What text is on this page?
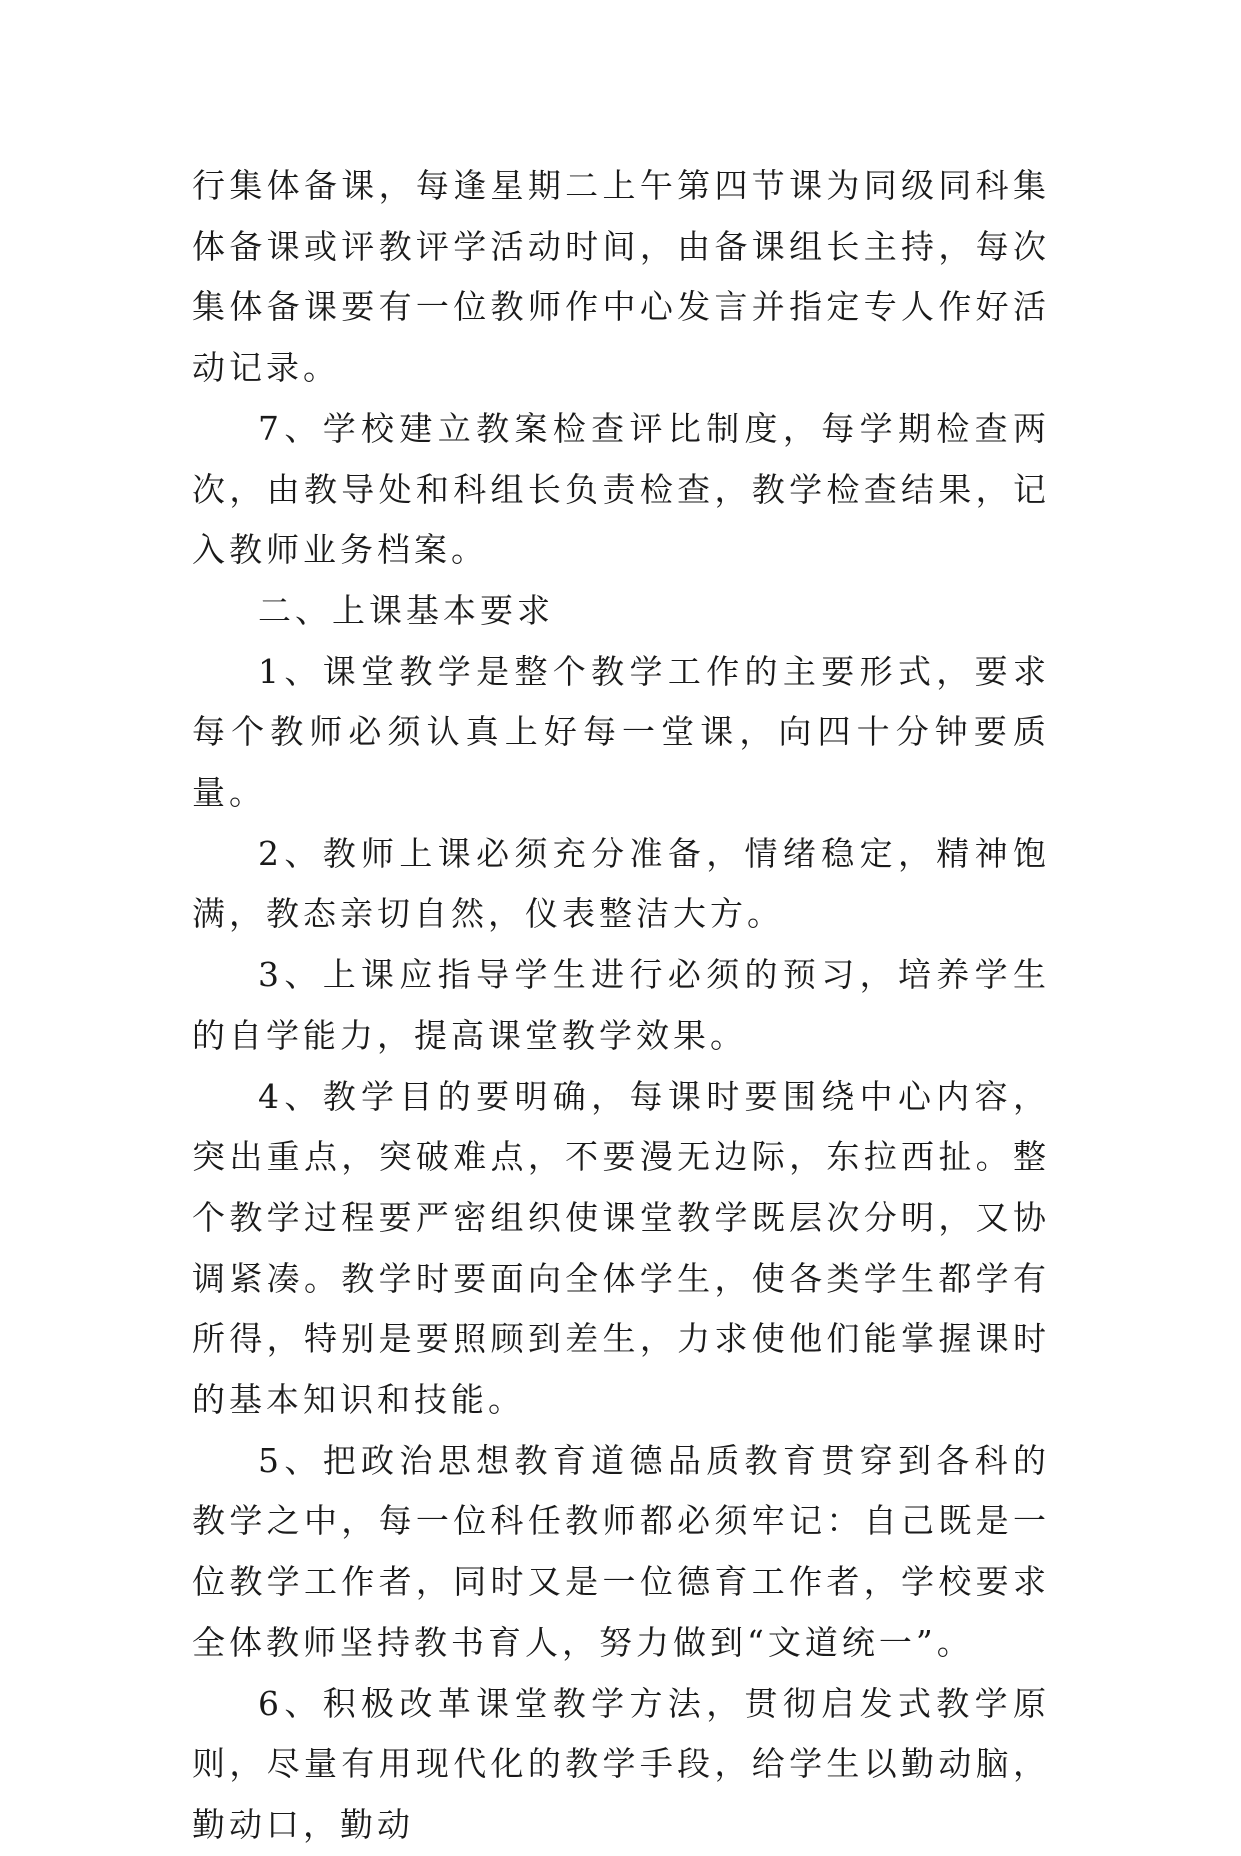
行集体备课，每逢星期二上午第四节课为同级同科集体备课或评教评学活动时间，由备课组长主持，每次集体备课要有一位教师作中心发言并指定专人作好活动记录。

7、学校建立教案检查评比制度，每学期检查两次，由教导处和科组长负责检查，教学检查结果，记入教师业务档案。

二、上课基本要求

1、课堂教学是整个教学工作的主要形式，要求每个教师必须认真上好每一堂课，向四十分钟要质量。

2、教师上课必须充分准备，情绪稳定，精神饱满，教态亲切自然，仪表整洁大方。

3、上课应指导学生进行必须的预习，培养学生的自学能力，提高课堂教学效果。

4、教学目的要明确，每课时要围绕中心内容，突出重点，突破难点，不要漫无边际，东拉西扯。整个教学过程要严密组织使课堂教学既层次分明，又协调紧凑。教学时要面向全体学生，使各类学生都学有所得，特别是要照顾到差生，力求使他们能掌握课时的基本知识和技能。

5、把政治思想教育道德品质教育贯穿到各科的教学之中，每一位科任教师都必须牢记：自己既是一位教学工作者，同时又是一位德育工作者，学校要求全体教师坚持教书育人，努力做到“文道统一”。

6、积极改革课堂教学方法，贯彻启发式教学原则，尽量有用现代化的教学手段，给学生以勤动脑，勤动口，勤动
